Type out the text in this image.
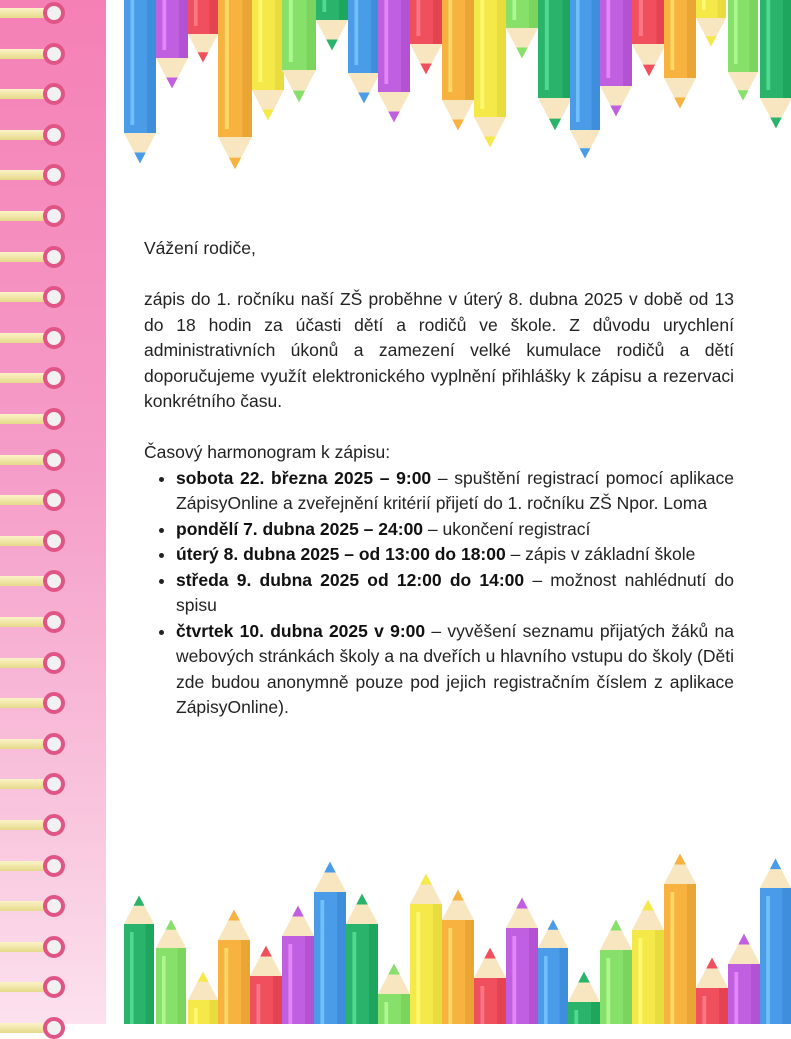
Vážení rodiče,

zápis do 1. ročníku naší ZŠ proběhne v úterý 8. dubna 2025 v době od 13 do 18 hodin za účasti dětí a rodičů ve škole. Z důvodu urychlení administrativních úkonů a zamezení velké kumulace rodičů a dětí doporučujeme využít elektronického vyplnění přihlášky k zápisu a rezervaci konkrétního času.

Časový harmonogram k zápisu:

• sobota 22. března 2025 – 9:00 – spuštění registrací pomocí aplikace ZápisyOnline a zveřejnění kritérií přijetí do 1. ročníku ZŠ Npor. Loma
• pondělí 7. dubna 2025 – 24:00 – ukončení registrací
• úterý 8. dubna 2025 – od 13:00 do 18:00 – zápis v základní škole
• středa 9. dubna 2025 od 12:00 do 14:00 – možnost nahlédnutí do spisu
• čtvrtek 10. dubna 2025 v 9:00 – vyvěšení seznamu přijatých žáků na webových stránkách školy a na dveřích u hlavního vstupu do školy (Děti zde budou anonymně pouze pod jejich registračním číslem z aplikace ZápisyOnline).
